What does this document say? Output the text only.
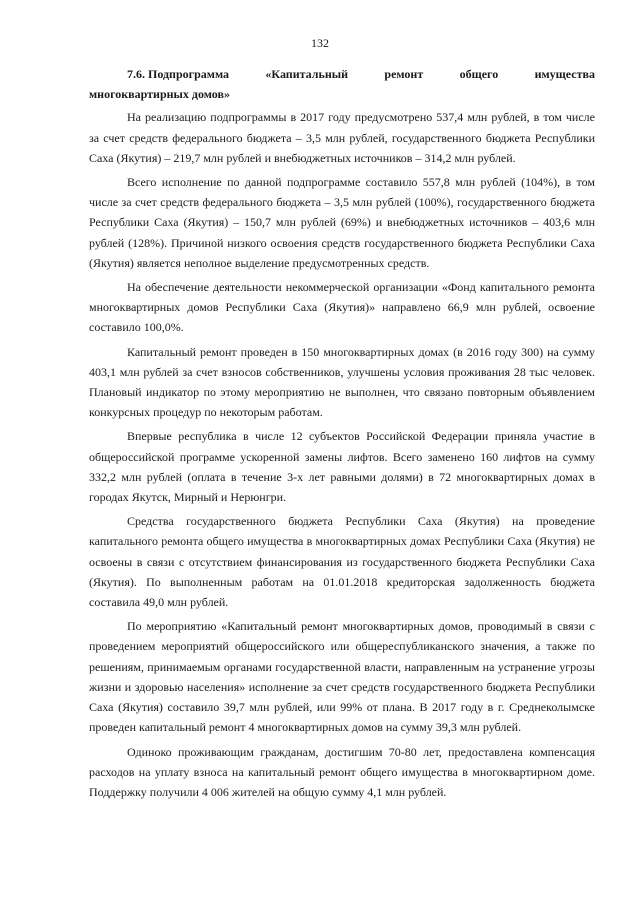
132
7.6. Подпрограмма	«Капитальный	ремонт	общего	имущества
многоквартирных домов»

На реализацию подпрограммы в 2017 году предусмотрено 537,4 млн рублей, в том числе за счет средств федерального бюджета – 3,5 млн рублей, государственного бюджета Республики Саха (Якутия) – 219,7 млн рублей и внебюджетных источников – 314,2 млн рублей.

Всего исполнение по данной подпрограмме составило 557,8 млн рублей (104%), в том числе за счет средств федерального бюджета – 3,5 млн рублей (100%), государственного бюджета Республики Саха (Якутия) – 150,7 млн рублей (69%) и внебюджетных источников – 403,6 млн рублей (128%). Причиной низкого освоения средств государственного бюджета Республики Саха (Якутия) является неполное выделение предусмотренных средств.

На обеспечение деятельности некоммерческой организации «Фонд капитального ремонта многоквартирных домов Республики Саха (Якутия)» направлено 66,9 млн рублей, освоение составило 100,0%.

Капитальный ремонт проведен в 150 многоквартирных домах (в 2016 году 300) на сумму 403,1 млн рублей за счет взносов собственников, улучшены условия проживания 28 тыс человек. Плановый индикатор по этому мероприятию не выполнен, что связано повторным объявлением конкурсных процедур по некоторым работам.

Впервые республика в числе 12 субъектов Российской Федерации приняла участие в общероссийской программе ускоренной замены лифтов. Всего заменено 160 лифтов на сумму 332,2 млн рублей (оплата в течение 3-х лет равными долями) в 72 многоквартирных домах в городах Якутск, Мирный и Нерюнгри.

Средства государственного бюджета Республики Саха (Якутия) на проведение капитального ремонта общего имущества в многоквартирных домах Республики Саха (Якутия) не освоены в связи с отсутствием финансирования из государственного бюджета Республики Саха (Якутия). По выполненным работам на 01.01.2018 кредиторская задолженность бюджета составила 49,0 млн рублей.

По мероприятию «Капитальный ремонт многоквартирных домов, проводимый в связи с проведением мероприятий общероссийского или общереспубликанского значения, а также по решениям, принимаемым органами государственной власти, направленным на устранение угрозы жизни и здоровью населения» исполнение за счет средств государственного бюджета Республики Саха (Якутия) составило 39,7 млн рублей, или 99% от плана. В 2017 году в г. Среднеколымске проведен капитальный ремонт 4 многоквартирных домов на сумму 39,3 млн рублей.

Одиноко проживающим гражданам, достигшим 70-80 лет, предоставлена компенсация расходов на уплату взноса на капитальный ремонт общего имущества в многоквартирном доме. Поддержку получили 4 006 жителей на общую сумму 4,1 млн рублей.
